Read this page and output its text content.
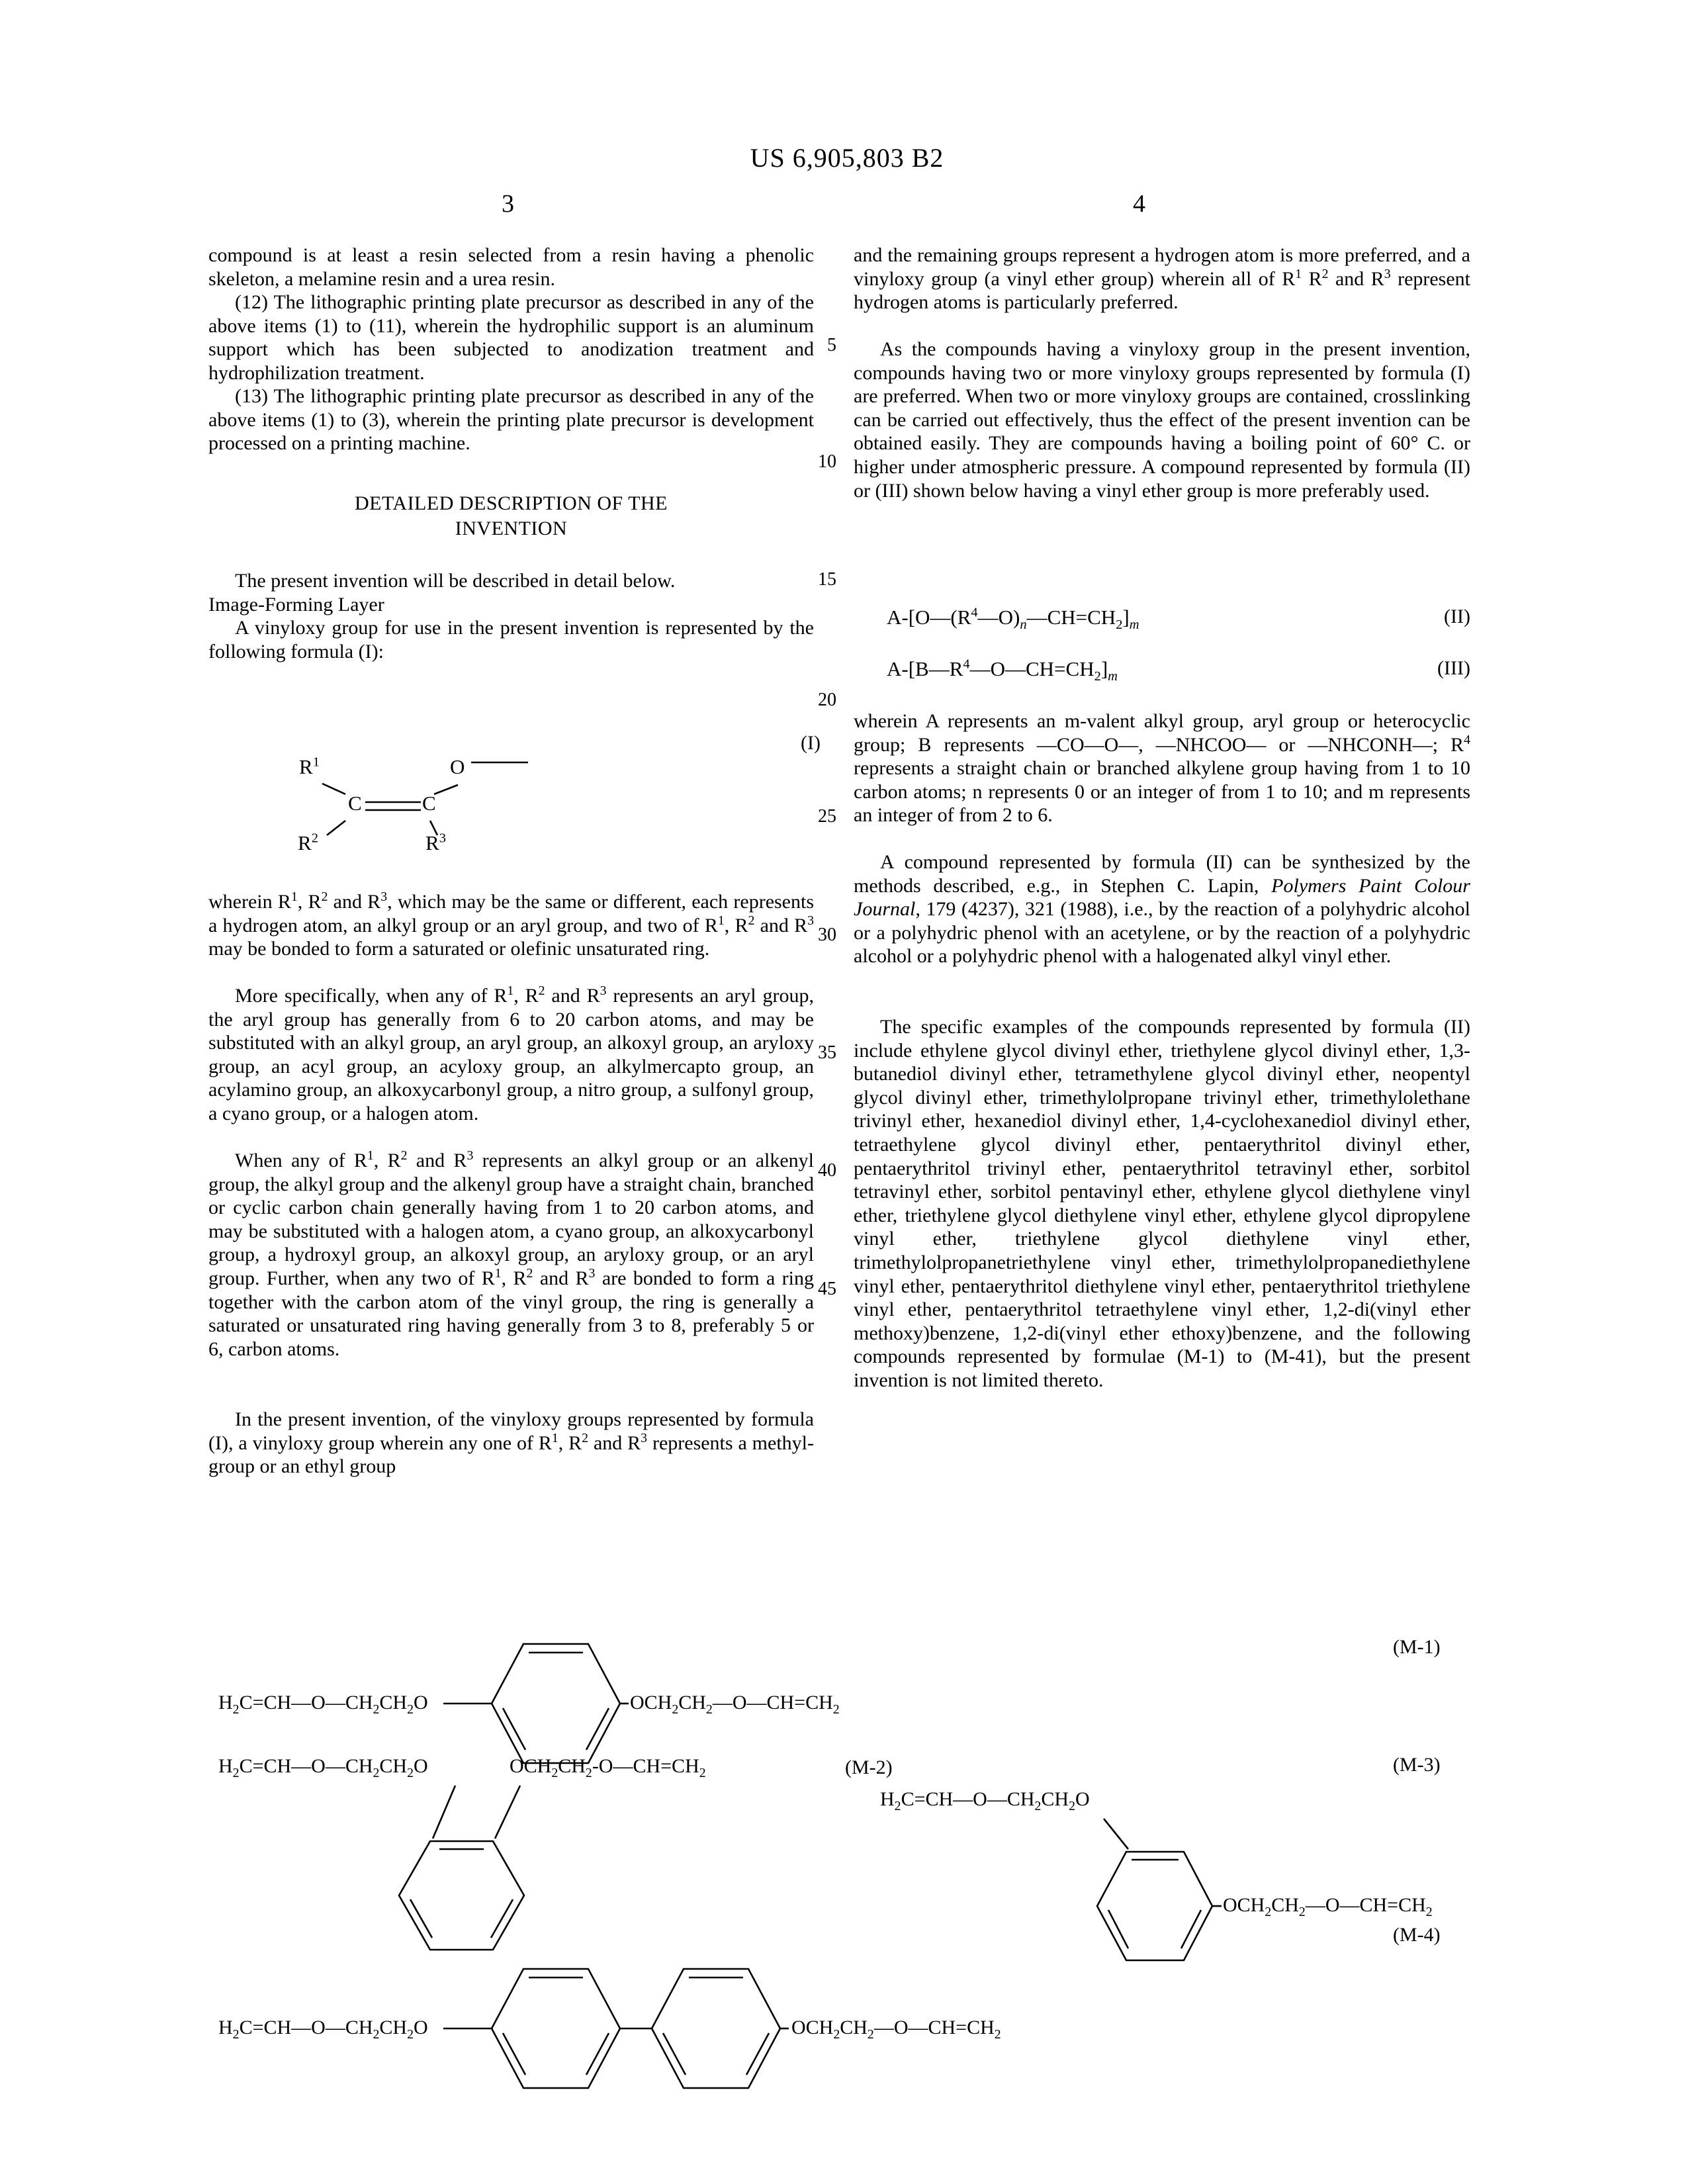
US 6,905,803 B2
3	4
5
10
15
20
25
30
35
40
45

compound is at least a resin selected from a resin having a phenolic skeleton, a melamine resin and a urea resin.

(12) The lithographic printing plate precursor as described in any of the above items (1) to (11), wherein the hydrophilic support is an aluminum support which has been subjected to anodization treatment and hydrophilization treatment.

(13) The lithographic printing plate precursor as described in any of the above items (1) to (3), wherein the printing plate precursor is development processed on a printing machine.

DETAILED DESCRIPTION OF THE INVENTION

The present invention will be described in detail below.

Image-Forming Layer

A vinyloxy group for use in the present invention is represented by the following formula (I):

wherein $R^1$, $R^2$ and $R^3$, which may be the same or different, each represents a hydrogen atom, an alkyl group or an aryl group, and two of $R^1$, $R^2$ and $R^3$ may be bonded to form a saturated or olefinic unsaturated ring.

More specifically, when any of $R^1$, $R^2$ and $R^3$ represents an aryl group, the aryl group has generally from 6 to 20 carbon atoms, and may be substituted with an alkyl group, an aryl group, an alkoxyl group, an aryloxy group, an acyl group, an acyloxy group, an alkylmercapto group, an acylamino group, an alkoxycarbonyl group, a nitro group, a sulfonyl group, a cyano group, or a halogen atom.

When any of $R^1$, $R^2$ and $R^3$ represents an alkyl group or an alkenyl group, the alkyl group and the alkenyl group have a straight chain, branched or cyclic carbon chain generally having from 1 to 20 carbon atoms, and may be substituted with a halogen atom, a cyano group, an alkoxycarbonyl group, a hydroxyl group, an alkoxyl group, an aryloxy group, or an aryl group. Further, when any two of $R^1$, $R^2$ and $R^3$ are bonded to form a ring together with the carbon atom of the vinyl group, the ring is generally a saturated or unsaturated ring having generally from 3 to 8, preferably 5 or 6, carbon atoms.

In the present invention, of the vinyloxy groups represented by formula (I), a vinyloxy group wherein any one of $R^1$, $R^2$ and $R^3$ represents a methyl-group or an ethyl group

(I)
$R^1$	O
C	C
$R^2$	$R^3$

and the remaining groups represent a hydrogen atom is more preferred, and a vinyloxy group (a vinyl ether group) wherein all of $R^1$ $R^2$ and $R^3$ represent hydrogen atoms is particularly preferred.

As the compounds having a vinyloxy group in the present invention, compounds having two or more vinyloxy groups represented by formula (I) are preferred. When two or more vinyloxy groups are contained, crosslinking can be carried out effectively, thus the effect of the present invention can be obtained easily. They are compounds having a boiling point of 60° C. or higher under atmospheric pressure. A compound represented by formula (II) or (III) shown below having a vinyl ether group is more preferably used.

wherein A represents an m-valent alkyl group, aryl group or heterocyclic group; B represents —CO—O—, —NHCOO— or —NHCONH—; $R^4$ represents a straight chain or branched alkylene group having from 1 to 10 carbon atoms; n represents 0 or an integer of from 1 to 10; and m represents an integer of from 2 to 6.

A compound represented by formula (II) can be synthesized by the methods described, e.g., in Stephen C. Lapin, Polymers Paint Colour Journal, 179 (4237), 321 (1988), i.e., by the reaction of a polyhydric alcohol or a polyhydric phenol with an acetylene, or by the reaction of a polyhydric alcohol or a polyhydric phenol with a halogenated alkyl vinyl ether.

The specific examples of the compounds represented by formula (II) include ethylene glycol divinyl ether, triethylene glycol divinyl ether, 1,3-butanediol divinyl ether, tetramethylene glycol divinyl ether, neopentyl glycol divinyl ether, trimethylolpropane trivinyl ether, trimethylolethane trivinyl ether, hexanediol divinyl ether, 1,4-cyclohexanediol divinyl ether, tetraethylene glycol divinyl ether, pentaerythritol divinyl ether, pentaerythritol trivinyl ether, pentaerythritol tetravinyl ether, sorbitol tetravinyl ether, sorbitol pentavinyl ether, ethylene glycol diethylene vinyl ether, triethylene glycol diethylene vinyl ether, ethylene glycol dipropylene vinyl ether, triethylene glycol diethylene vinyl ether, trimethylolpropanetriethylene vinyl ether, trimethylolpropanediethylene vinyl ether, pentaerythritol diethylene vinyl ether, pentaerythritol triethylene vinyl ether, pentaerythritol tetraethylene vinyl ether, 1,2-di(vinyl ether methoxy)benzene, 1,2-di(vinyl ether ethoxy)benzene, and the following compounds represented by formulae (M-1) to (M-41), but the present invention is not limited thereto.

$A-[O—(R^4—O)_n—CH=CH_2]_m$	(II)
$A-[B—R^4—O—CH=CH_2]_m$	(III)
(M-1)
$H_2C=CH—O—CH_2CH_2O$	$OCH_2CH_2—O—CH=CH_2$
$H_2C=CH—O—CH_2CH_2O$	$OCH_2CH_2-O—CH=CH_2$	(M-2)	(M-3)
$H_2C=CH—O—CH_2CH_2O$
$OCH_2CH_2—O—CH=CH_2$
(M-4)
$H_2C=CH—O—CH_2CH_2O$	$OCH_2CH_2—O—CH=CH_2$
